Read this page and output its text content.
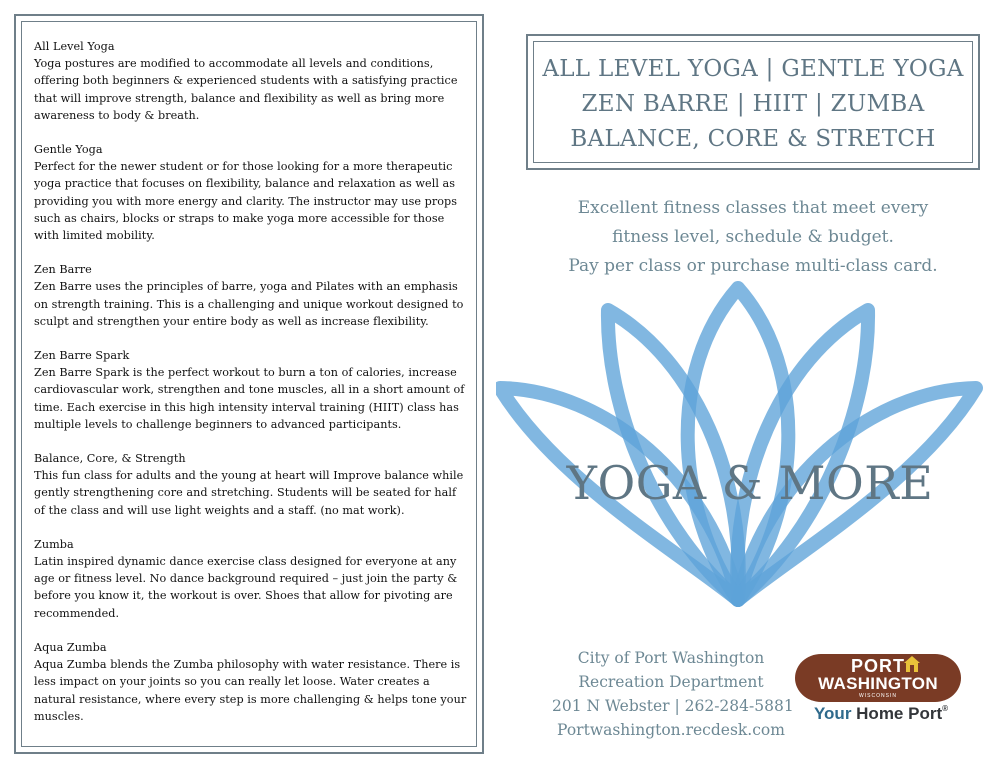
All Level Yoga
Yoga postures are modified to accommodate all levels and conditions, offering both beginners & experienced students with a satisfying practice that will improve strength, balance and flexibility as well as bring more awareness to body & breath.
Gentle Yoga
Perfect for the newer student or for those looking for a more therapeutic yoga practice that focuses on flexibility, balance and relaxation as well as providing you with more energy and clarity. The instructor may use props such as chairs, blocks or straps to make yoga more accessible for those with limited mobility.
Zen Barre
Zen Barre uses the principles of barre, yoga and Pilates with an emphasis on strength training. This is a challenging and unique workout designed to sculpt and strengthen your entire body as well as increase flexibility.
Zen Barre Spark
Zen Barre Spark is the perfect workout to burn a ton of calories, increase cardiovascular work, strengthen and tone muscles, all in a short amount of time. Each exercise in this high intensity interval training (HIIT) class has multiple levels to challenge beginners to advanced participants.
Balance, Core, & Strength
This fun class for adults and the young at heart will Improve balance while gently strengthening core and stretching. Students will be seated for half of the class and will use light weights and a staff. (no mat work).
Zumba
Latin inspired dynamic dance exercise class designed for everyone at any age or fitness level. No dance background required – just join the party & before you know it, the workout is over. Shoes that allow for pivoting are recommended.
Aqua Zumba
Aqua Zumba blends the Zumba philosophy with water resistance. There is less impact on your joints so you can really let loose. Water creates a natural resistance, where every step is more challenging & helps tone your muscles.
ALL LEVEL YOGA | GENTLE YOGA
ZEN BARRE | HIIT | ZUMBA
BALANCE, CORE & STRETCH
Excellent fitness classes that meet every
fitness level, schedule & budget.
Pay per class or purchase multi-class card.
YOGA & MORE
City of Port Washington
Recreation Department
201 N Webster | 262-284-5881
Portwashington.recdesk.com
PORT
WASHINGTON
WISCONSIN
Your Home Port®
